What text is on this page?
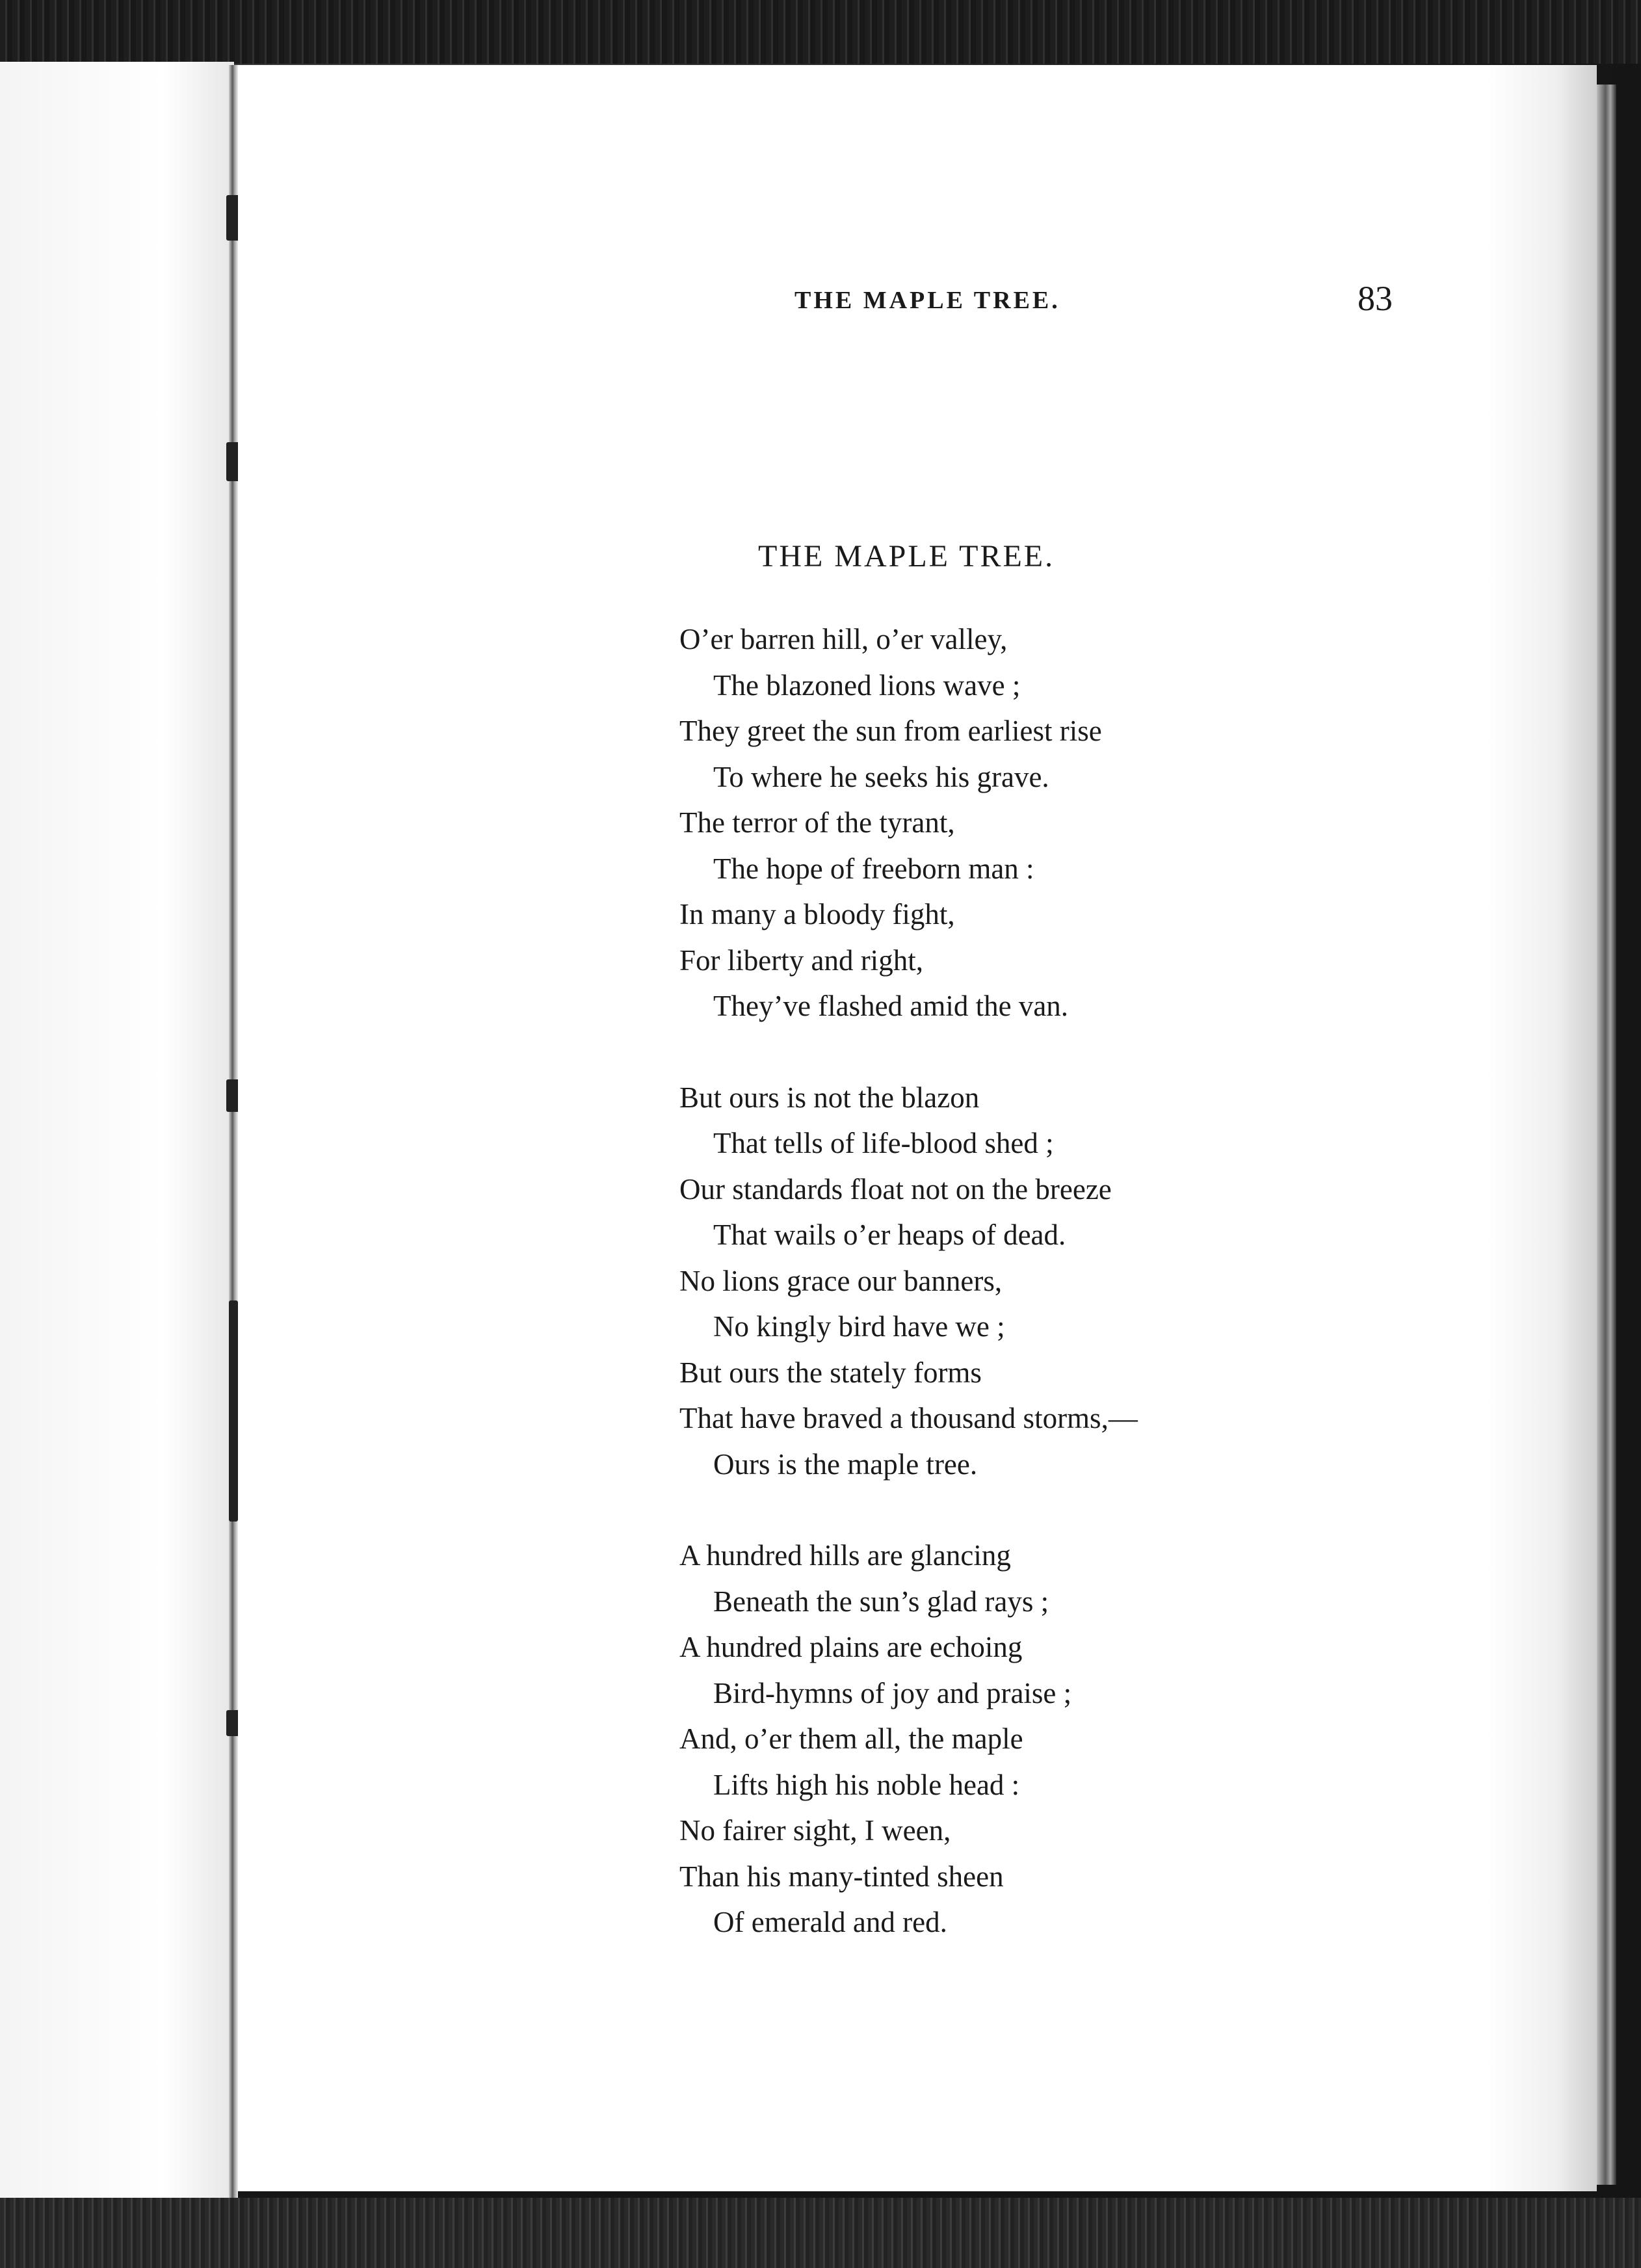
THE MAPLE TREE.	83
THE MAPLE TREE.
O’er barren hill, o’er valley,
The blazoned lions wave ;
They greet the sun from earliest rise
To where he seeks his grave.
The terror of the tyrant,
The hope of freeborn man :
In many a bloody fight,
For liberty and right,
They’ve flashed amid the van.
But ours is not the blazon
That tells of life-blood shed ;
Our standards float not on the breeze
That wails o’er heaps of dead.
No lions grace our banners,
No kingly bird have we ;
But ours the stately forms
That have braved a thousand storms,—
Ours is the maple tree.
A hundred hills are glancing
Beneath the sun’s glad rays ;
A hundred plains are echoing
Bird-hymns of joy and praise ;
And, o’er them all, the maple
Lifts high his noble head :
No fairer sight, I ween,
Than his many-tinted sheen
Of emerald and red.
